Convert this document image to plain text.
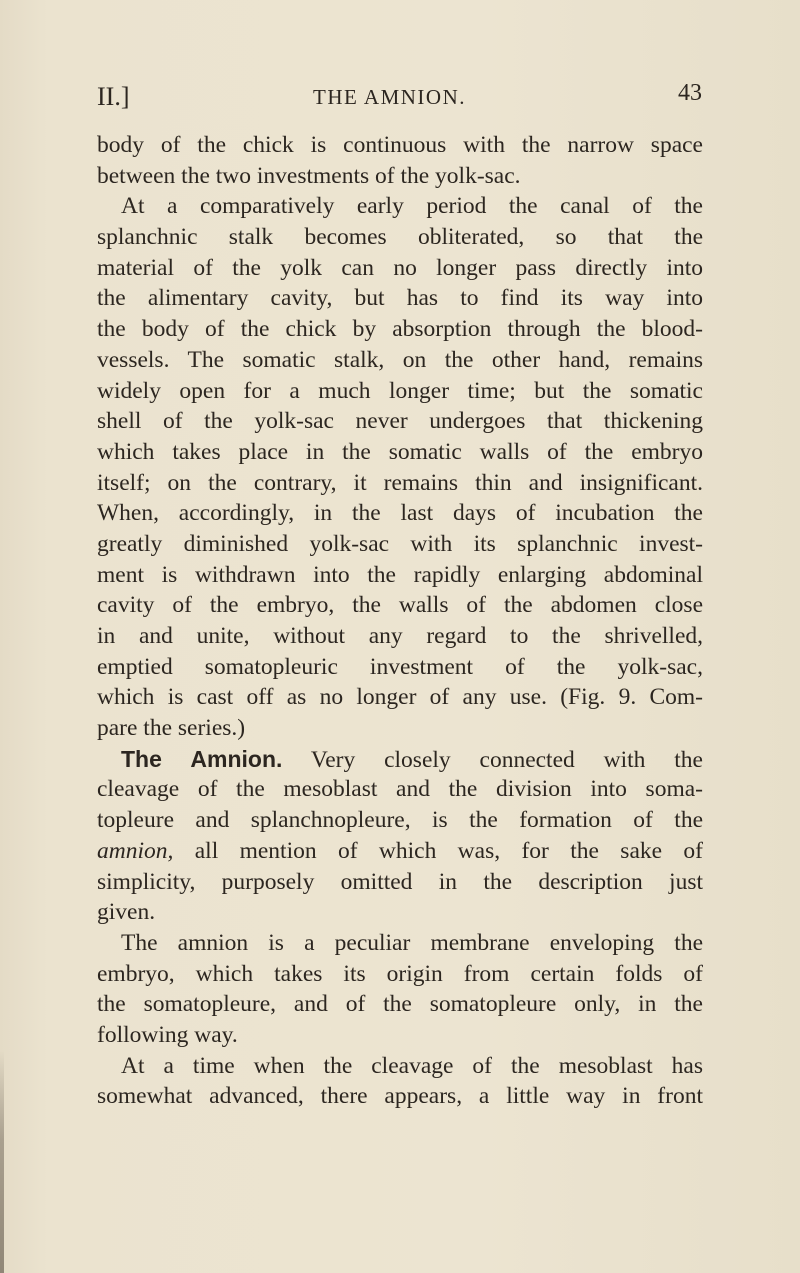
II.]	THE AMNION.	43
body of the chick is continuous with the narrow space
between the two investments of the yolk-sac.
At a comparatively early period the canal of the
splanchnic stalk becomes obliterated, so that the
material of the yolk can no longer pass directly into
the alimentary cavity, but has to find its way into
the body of the chick by absorption through the blood-
vessels. The somatic stalk, on the other hand, remains
widely open for a much longer time; but the somatic
shell of the yolk-sac never undergoes that thickening
which takes place in the somatic walls of the embryo
itself; on the contrary, it remains thin and insignificant.
When, accordingly, in the last days of incubation the
greatly diminished yolk-sac with its splanchnic invest-
ment is withdrawn into the rapidly enlarging abdominal
cavity of the embryo, the walls of the abdomen close
in and unite, without any regard to the shrivelled,
emptied somatopleuric investment of the yolk-sac,
which is cast off as no longer of any use. (Fig. 9. Com-
pare the series.)
The Amnion. Very closely connected with the
cleavage of the mesoblast and the division into soma-
topleure and splanchnopleure, is the formation of the
amnion, all mention of which was, for the sake of
simplicity, purposely omitted in the description just
given.
The amnion is a peculiar membrane enveloping the
embryo, which takes its origin from certain folds of
the somatopleure, and of the somatopleure only, in the
following way.
At a time when the cleavage of the mesoblast has
somewhat advanced, there appears, a little way in front
